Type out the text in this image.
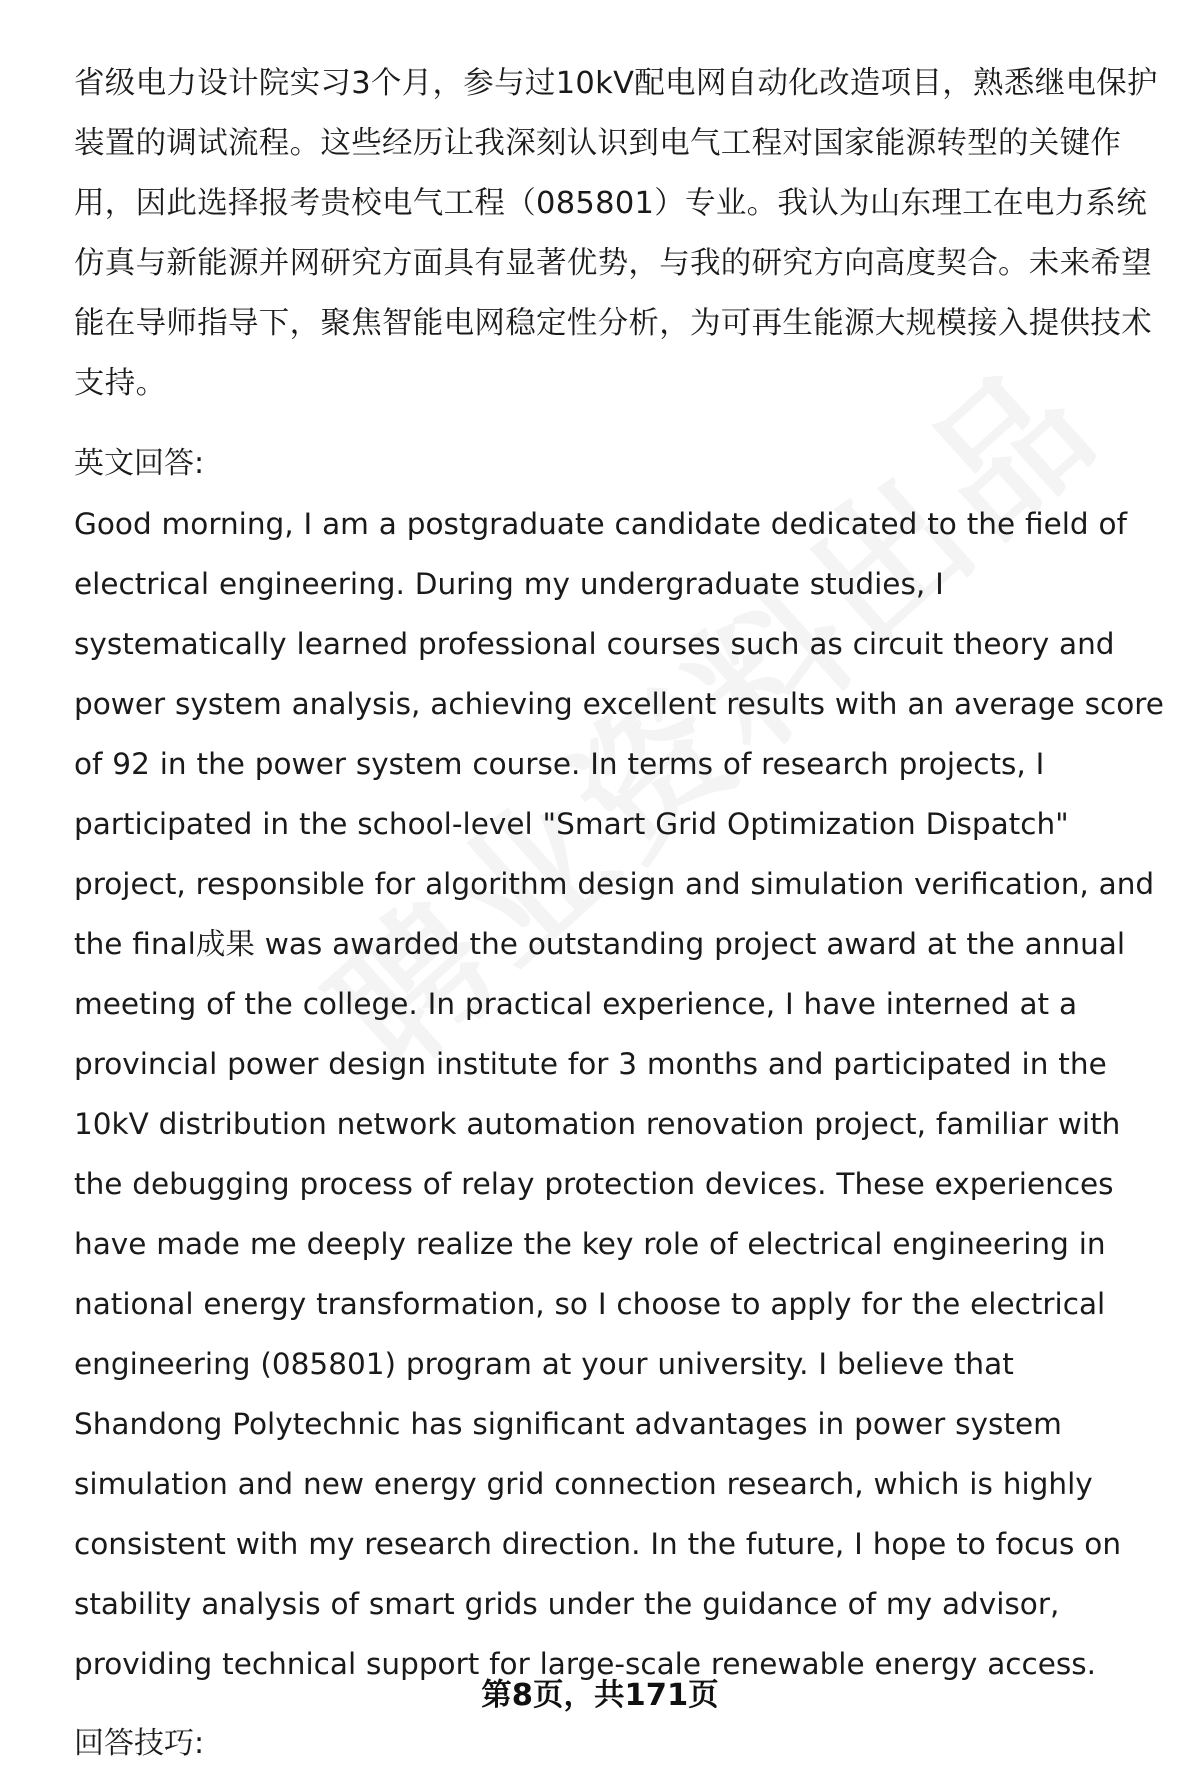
省级电力设计院实习3个月，参与过10kV配电网自动化改造项目，熟悉继电保护装置的调试流程。这些经历让我深刻认识到电气工程对国家能源转型的关键作用，因此选择报考贵校电气工程（085801）专业。我认为山东理工在电力系统仿真与新能源并网研究方面具有显著优势，与我的研究方向高度契合。未来希望能在导师指导下，聚焦智能电网稳定性分析，为可再生能源大规模接入提供技术支持。

英文回答:

Good morning, I am a postgraduate candidate dedicated to the field of electrical engineering. During my undergraduate studies, I systematically learned professional courses such as circuit theory and power system analysis, achieving excellent results with an average score of 92 in the power system course. In terms of research projects, I participated in the school-level "Smart Grid Optimization Dispatch" project, responsible for algorithm design and simulation verification, and the final成果 was awarded the outstanding project award at the annual meeting of the college. In practical experience, I have interned at a provincial power design institute for 3 months and participated in the 10kV distribution network automation renovation project, familiar with the debugging process of relay protection devices. These experiences have made me deeply realize the key role of electrical engineering in national energy transformation, so I choose to apply for the electrical engineering (085801) program at your university. I believe that Shandong Polytechnic has significant advantages in power system simulation and new energy grid connection research, which is highly consistent with my research direction. In the future, I hope to focus on stability analysis of smart grids under the guidance of my advisor, providing technical support for large-scale renewable energy access.

回答技巧:
第8页，共171页
